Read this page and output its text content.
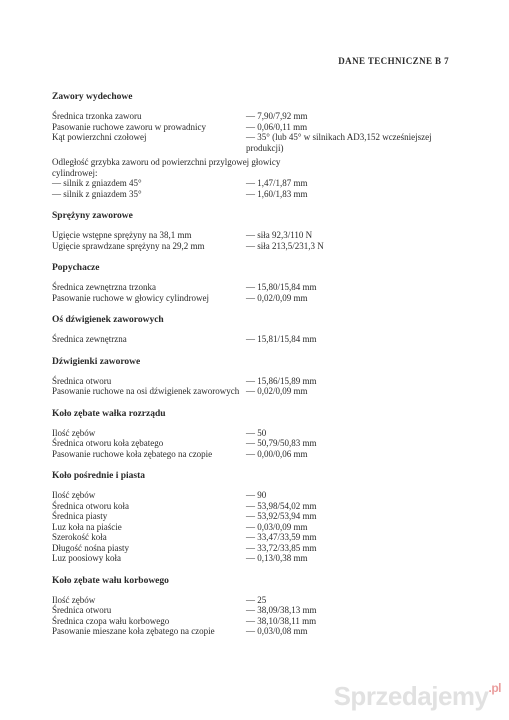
DANE TECHNICZNE B 7
Zawory wydechowe
Średnica trzonka zaworu	— 7,90/7,92 mm
Pasowanie ruchowe zaworu w prowadnicy	— 0,06/0,11 mm
Kąt powierzchni czołowej	— 35° (lub 45° w silnikach AD3,152 wcześniejszej
produkcji)
Odległość grzybka zaworu od powierzchni przylgowej głowicy cylindrowej:
— silnik z gniazdem 45°	— 1,47/1,87 mm
— silnik z gniazdem 35°	— 1,60/1,83 mm
Sprężyny zaworowe
Ugięcie wstępne sprężyny na 38,1 mm	— siła 92,3/110 N
Ugięcie sprawdzane sprężyny na 29,2 mm	— siła 213,5/231,3 N
Popychacze
Średnica zewnętrzna trzonka	— 15,80/15,84 mm
Pasowanie ruchowe w głowicy cylindrowej	— 0,02/0,09 mm
Oś dźwigienek zaworowych
Średnica zewnętrzna	— 15,81/15,84 mm
Dźwigienki zaworowe
Średnica otworu	— 15,86/15,89 mm
Pasowanie ruchowe na osi dźwigienek zaworowych — 0,02/0,09 mm
Koło zębate wałka rozrządu
Ilość zębów	— 50
Średnica otworu koła zębatego	— 50,79/50,83 mm
Pasowanie ruchowe koła zębatego na czopie	— 0,00/0,06 mm
Koło pośrednie i piasta
Ilość zębów	— 90
Średnica otworu koła	— 53,98/54,02 mm
Średnica piasty	— 53,92/53,94 mm
Luz koła na piaście	— 0,03/0,09 mm
Szerokość koła	— 33,47/33,59 mm
Długość nośna piasty	— 33,72/33,85 mm
Luz poosiowy koła	— 0,13/0,38 mm
Koło zębate wału korbowego
Ilość zębów	— 25
Średnica otworu	— 38,09/38,13 mm
Średnica czopa wału korbowego	— 38,10/38,11 mm
Pasowanie mieszane koła zębatego na czopie	— 0,03/0,08 mm
Sprzedajemy$^{.pl}$
